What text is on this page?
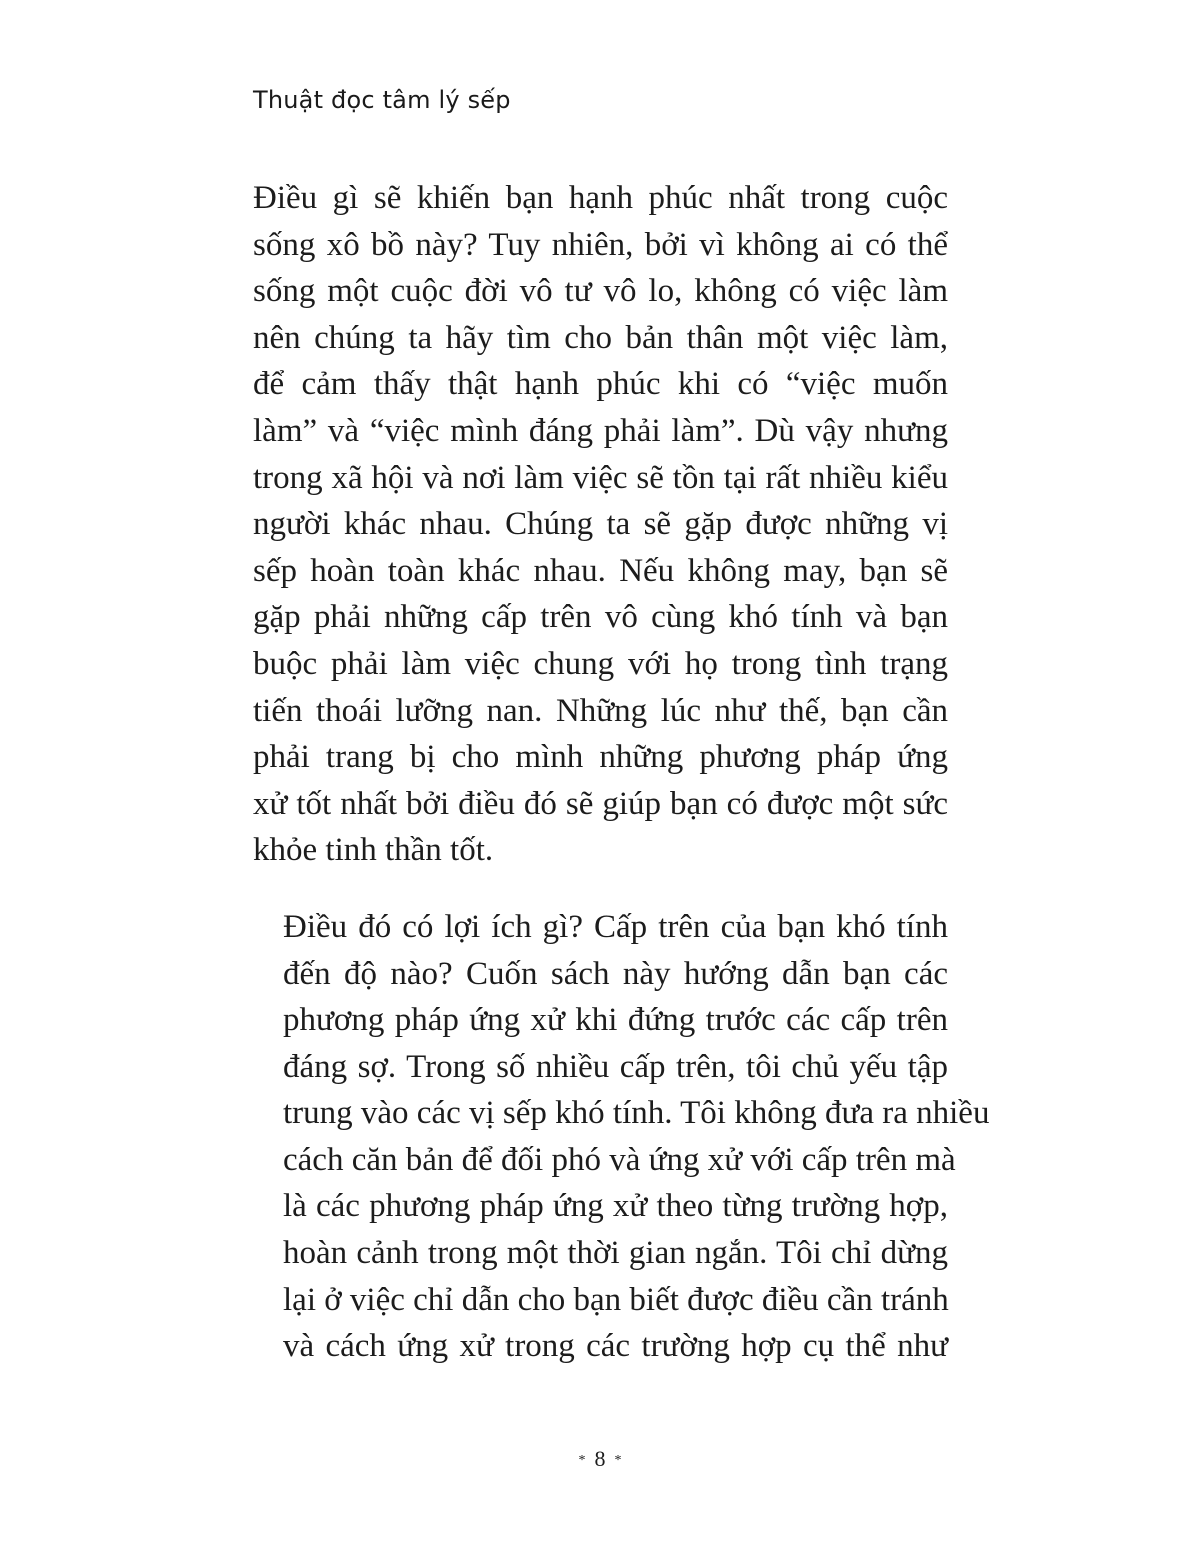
Thuật đọc tâm lý sếp

Điều gì sẽ khiến bạn hạnh phúc nhất trong cuộc
sống xô bồ này? Tuy nhiên, bởi vì không ai có thể
sống một cuộc đời vô tư vô lo, không có việc làm
nên chúng ta hãy tìm cho bản thân một việc làm,
để cảm thấy thật hạnh phúc khi có “việc muốn
làm” và “việc mình đáng phải làm”. Dù vậy nhưng
trong xã hội và nơi làm việc sẽ tồn tại rất nhiều kiểu
người khác nhau. Chúng ta sẽ gặp được những vị
sếp hoàn toàn khác nhau. Nếu không may, bạn sẽ
gặp phải những cấp trên vô cùng khó tính và bạn
buộc phải làm việc chung với họ trong tình trạng
tiến thoái lưỡng nan. Những lúc như thế, bạn cần
phải trang bị cho mình những phương pháp ứng
xử tốt nhất bởi điều đó sẽ giúp bạn có được một sức
khỏe tinh thần tốt.

Điều đó có lợi ích gì? Cấp trên của bạn khó tính
đến độ nào? Cuốn sách này hướng dẫn bạn các
phương pháp ứng xử khi đứng trước các cấp trên
đáng sợ. Trong số nhiều cấp trên, tôi chủ yếu tập
trung vào các vị sếp khó tính. Tôi không đưa ra nhiều
cách căn bản để đối phó và ứng xử với cấp trên mà
là các phương pháp ứng xử theo từng trường hợp,
hoàn cảnh trong một thời gian ngắn. Tôi chỉ dừng
lại ở việc chỉ dẫn cho bạn biết được điều cần tránh
và cách ứng xử trong các trường hợp cụ thể như

* 8 *
